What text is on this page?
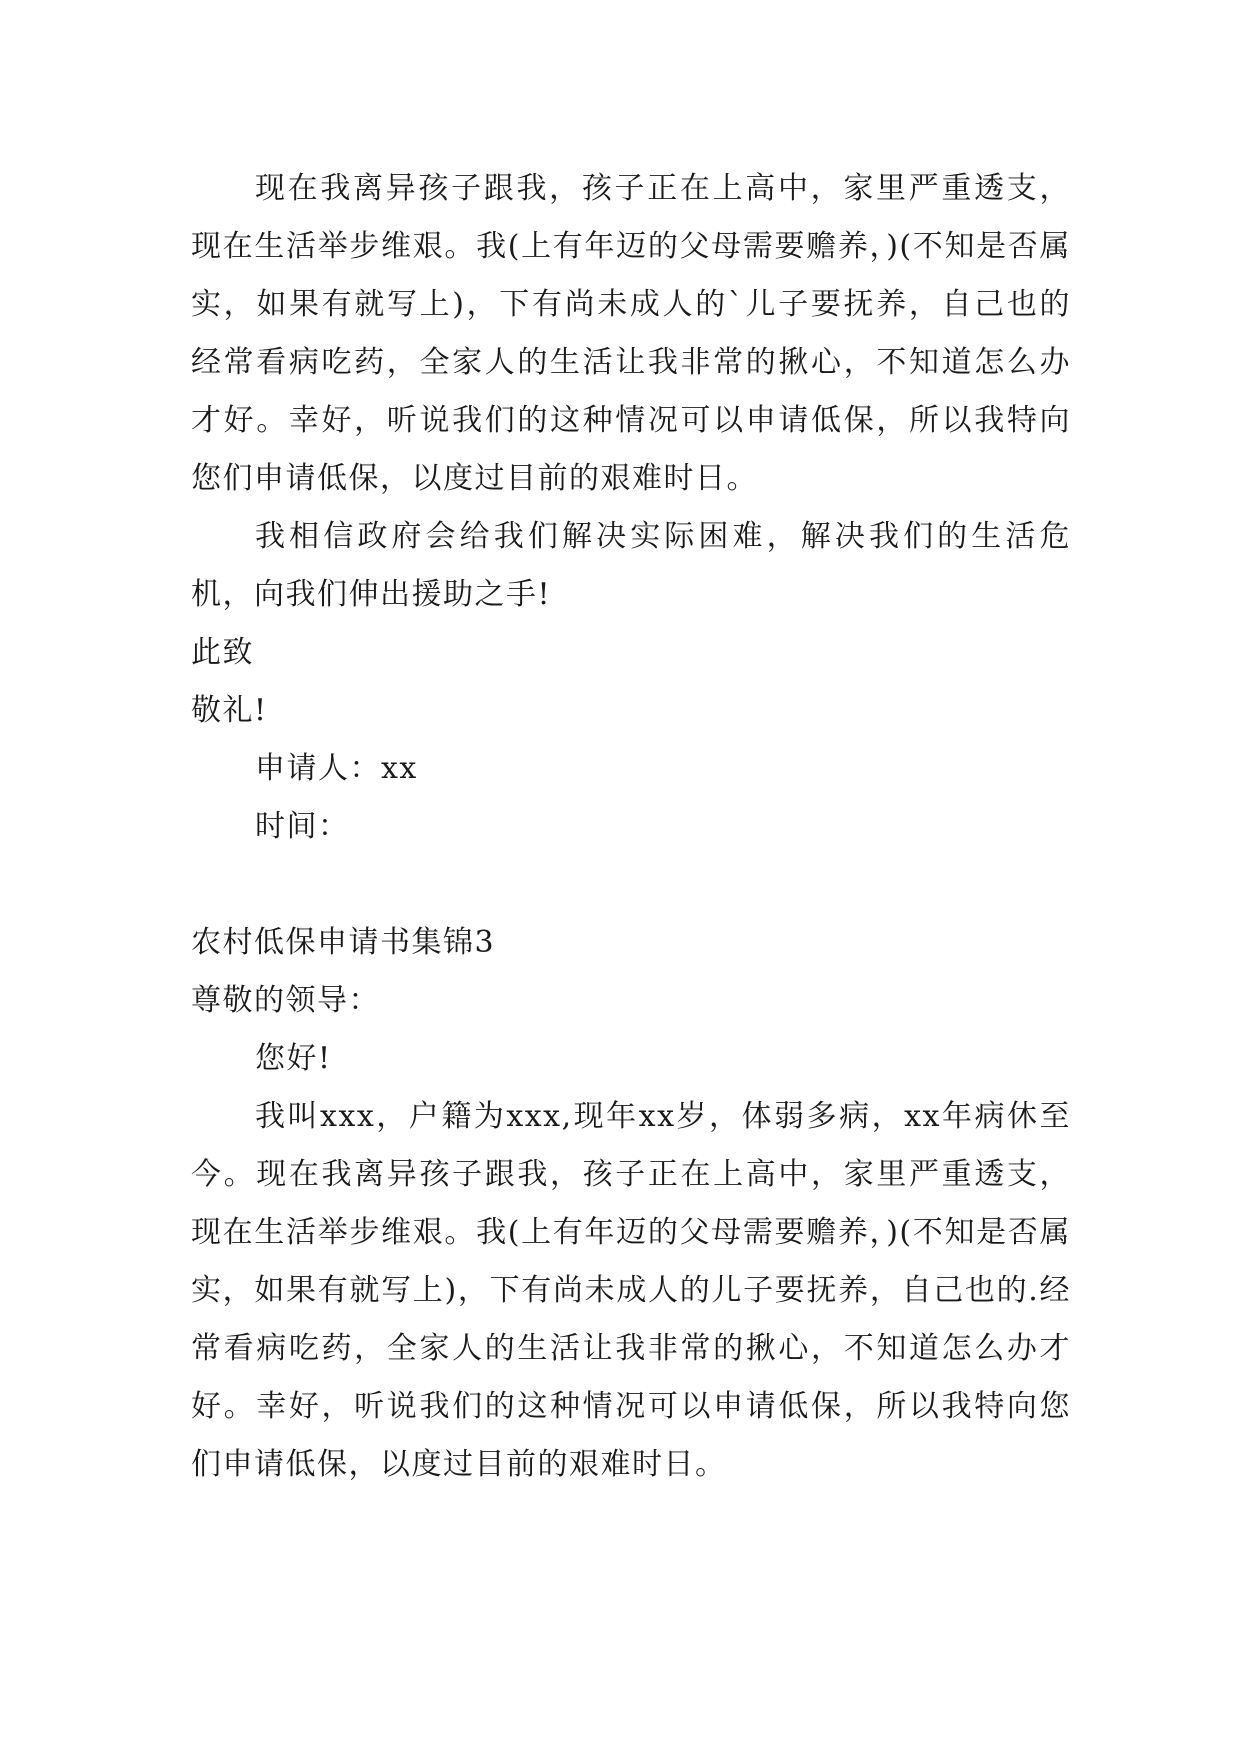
现在我离异孩子跟我，孩子正在上高中，家里严重透支，现在生活举步维艰。我(上有年迈的父母需要赡养，)(不知是否属实，如果有就写上)，下有尚未成人的`儿子要抚养，自己也的经常看病吃药，全家人的生活让我非常的揪心，不知道怎么办才好。幸好，听说我们的这种情况可以申请低保，所以我特向您们申请低保，以度过目前的艰难时日。

我相信政府会给我们解决实际困难，解决我们的生活危机，向我们伸出援助之手!

此致

敬礼!

申请人：xx

时间：

农村低保申请书集锦3

尊敬的领导：

您好!

我叫xxx，户籍为xxx,现年xx岁，体弱多病，xx年病休至今。现在我离异孩子跟我，孩子正在上高中，家里严重透支，现在生活举步维艰。我(上有年迈的父母需要赡养，)(不知是否属实，如果有就写上)，下有尚未成人的儿子要抚养，自己也的.经常看病吃药，全家人的生活让我非常的揪心，不知道怎么办才好。幸好，听说我们的这种情况可以申请低保，所以我特向您们申请低保，以度过目前的艰难时日。
